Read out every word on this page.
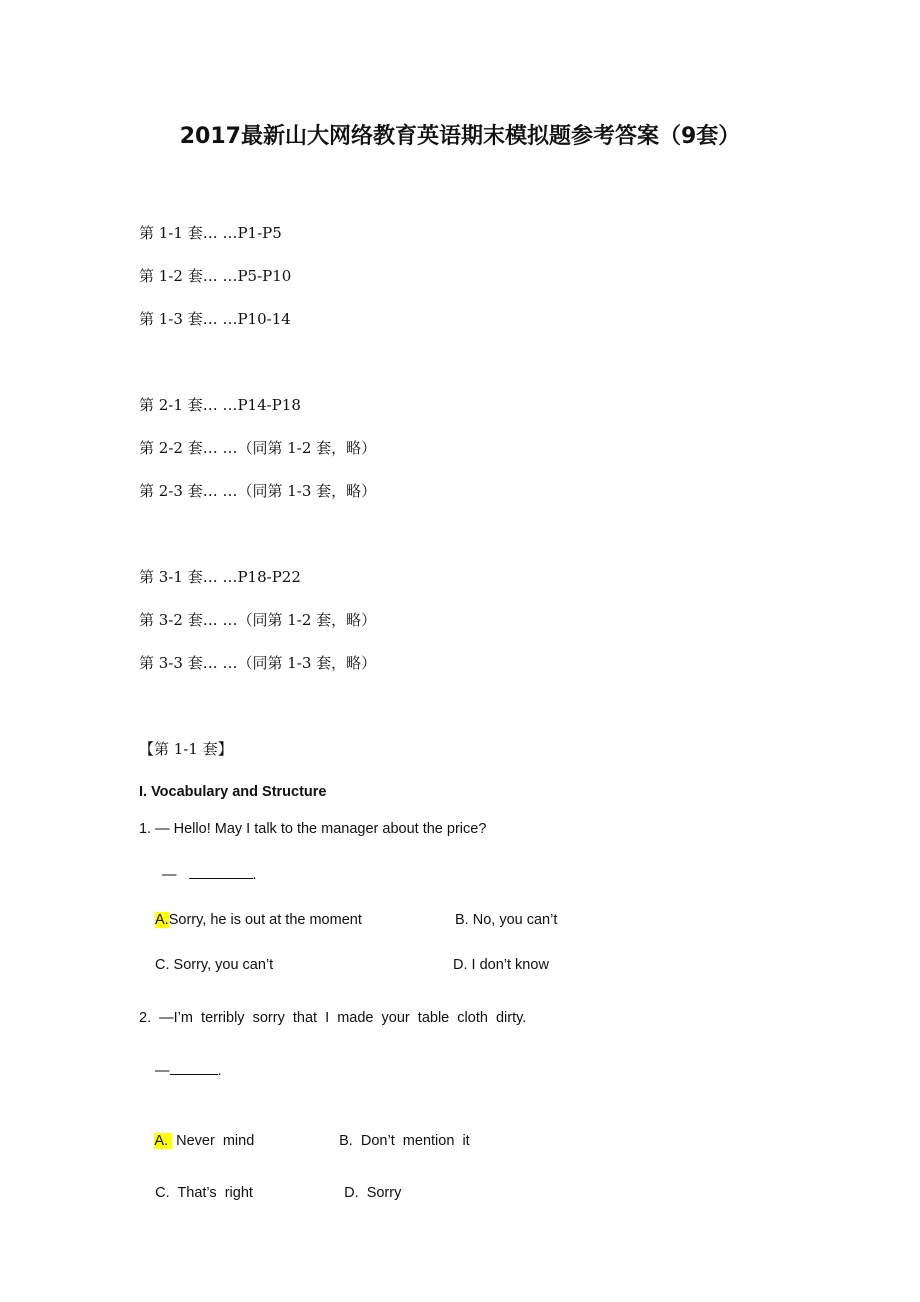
2017最新山大网络教育英语期末模拟题参考答案（9套）
第 1-1 套… …P1-P5
第 1-2 套… …P5-P10
第 1-3 套… …P10-14
第 2-1 套… …P14-P18
第 2-2 套… …（同第 1-2 套，略）
第 2-3 套… …（同第 1-3 套，略）
第 3-1 套… …P18-P22
第 3-2 套… …（同第 1-2 套，略）
第 3-3 套… …（同第 1-3 套，略）
【第 1-1 套】
I. Vocabulary and Structure
1. — Hello! May I talk to the manager about the price?
—	.
A.Sorry, he is out at the moment	B. No, you can’t
C. Sorry, you can’t	D. I don’t know
2.  —I’m  terribly  sorry  that  I  made  your  table  cloth  dirty.
—	.

A. Never  mind
	B. Don’t  mention  it

C. That’s  right
	D. Sorry
